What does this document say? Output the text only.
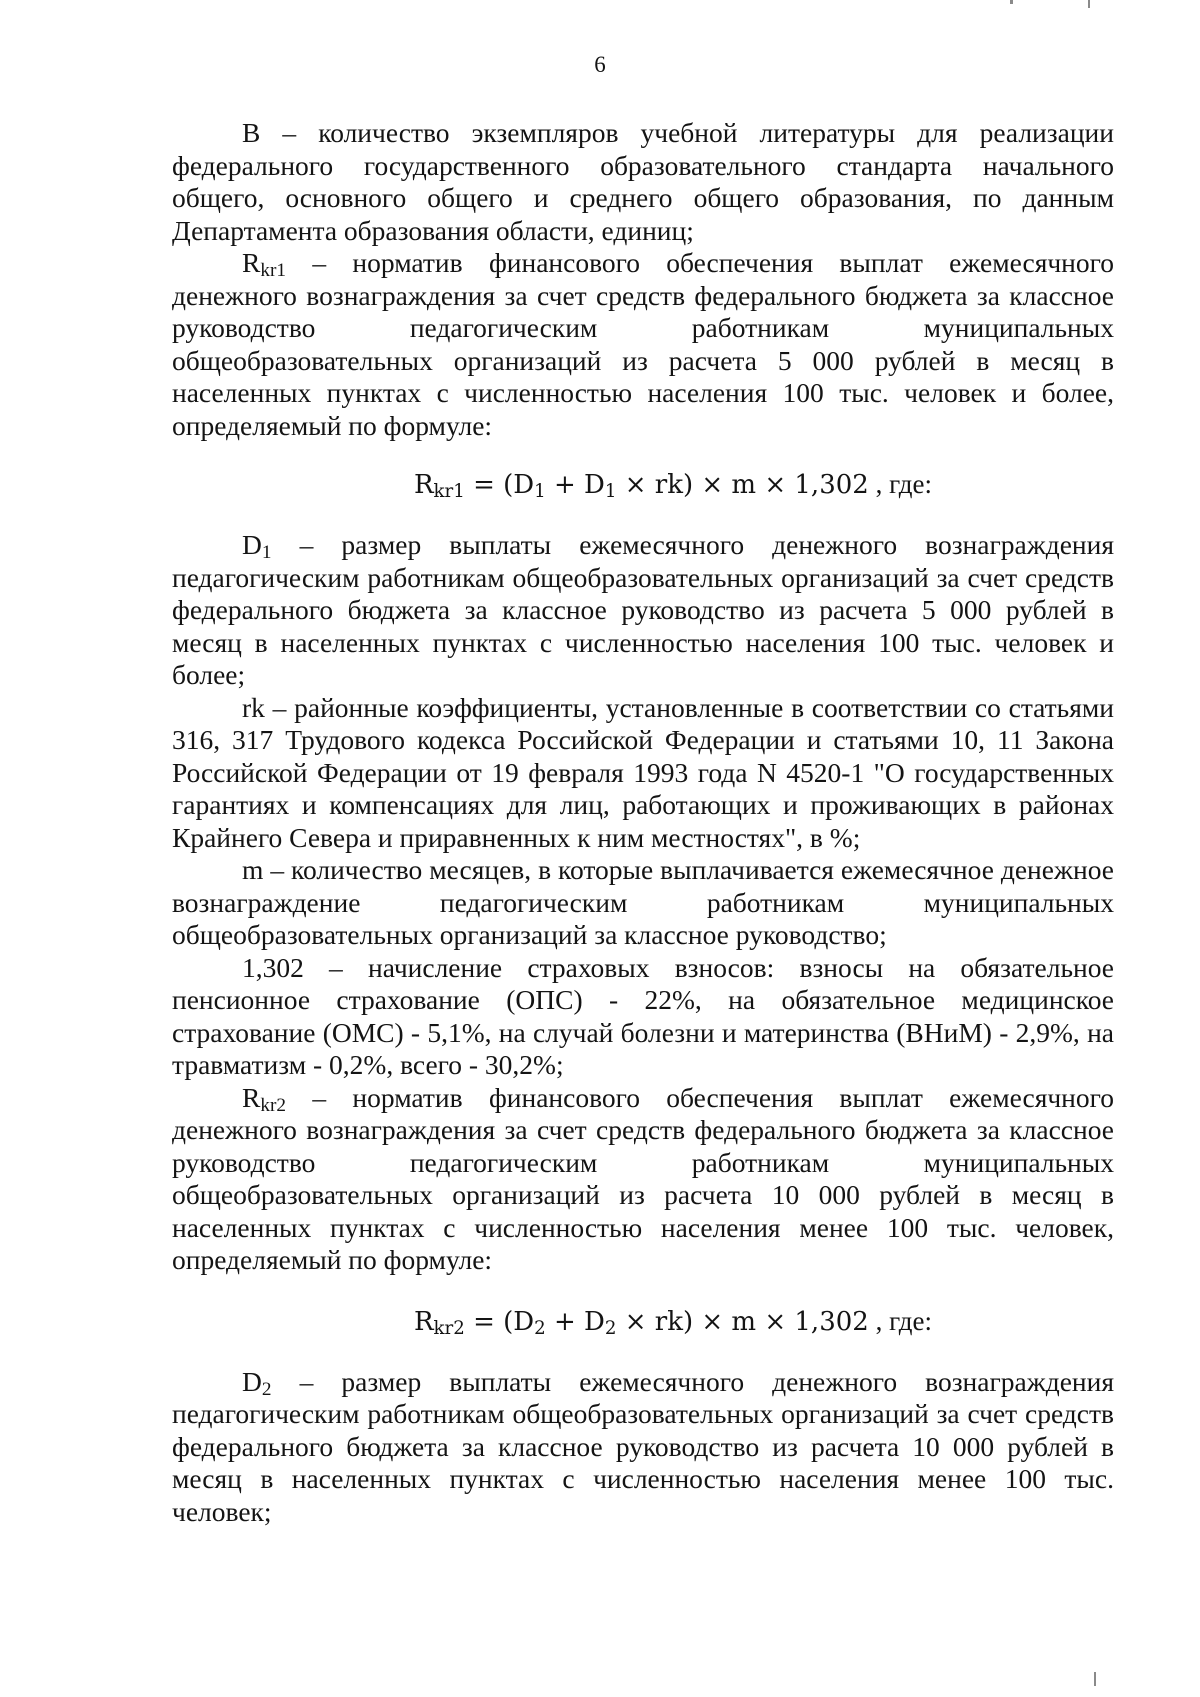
6

B – количество экземпляров учебной литературы для реализации федерального государственного образовательного стандарта начального общего, основного общего и среднего общего образования, по данным Департамента образования области, единиц;

$R_{kr1}$ – норматив финансового обеспечения выплат ежемесячного денежного вознаграждения за счет средств федерального бюджета за классное руководство педагогическим работникам муниципальных общеобразовательных организаций из расчета 5 000 рублей в месяц в населенных пунктах с численностью населения 100 тыс. человек и более, определяемый по формуле:

$R_{kr1} = (D_1 + D_1 \times rk) \times m \times 1,302$ , где:

$D_1$ – размер выплаты ежемесячного денежного вознаграждения педагогическим работникам общеобразовательных организаций за счет средств федерального бюджета за классное руководство из расчета 5 000 рублей в месяц в населенных пунктах с численностью населения 100 тыс. человек и более;

rk – районные коэффициенты, установленные в соответствии со статьями 316, 317 Трудового кодекса Российской Федерации и статьями 10, 11 Закона Российской Федерации от 19 февраля 1993 года N 4520-1 "О государственных гарантиях и компенсациях для лиц, работающих и проживающих в районах Крайнего Севера и приравненных к ним местностях", в %;

m – количество месяцев, в которые выплачивается ежемесячное денежное вознаграждение педагогическим работникам муниципальных общеобразовательных организаций за классное руководство;

1,302 – начисление страховых взносов: взносы на обязательное пенсионное страхование (ОПС) - 22%, на обязательное медицинское страхование (ОМС) - 5,1%, на случай болезни и материнства (ВНиМ) - 2,9%, на травматизм - 0,2%, всего - 30,2%;

$R_{kr2}$ – норматив финансового обеспечения выплат ежемесячного денежного вознаграждения за счет средств федерального бюджета за классное руководство педагогическим работникам муниципальных общеобразовательных организаций из расчета 10 000 рублей в месяц в населенных пунктах с численностью населения менее 100 тыс. человек, определяемый по формуле:

$R_{kr2} = (D_2 + D_2 \times rk) \times m \times 1,302$ , где:

$D_2$ – размер выплаты ежемесячного денежного вознаграждения педагогическим работникам общеобразовательных организаций за счет средств федерального бюджета за классное руководство из расчета 10 000 рублей в месяц в населенных пунктах с численностью населения менее 100 тыс. человек;
